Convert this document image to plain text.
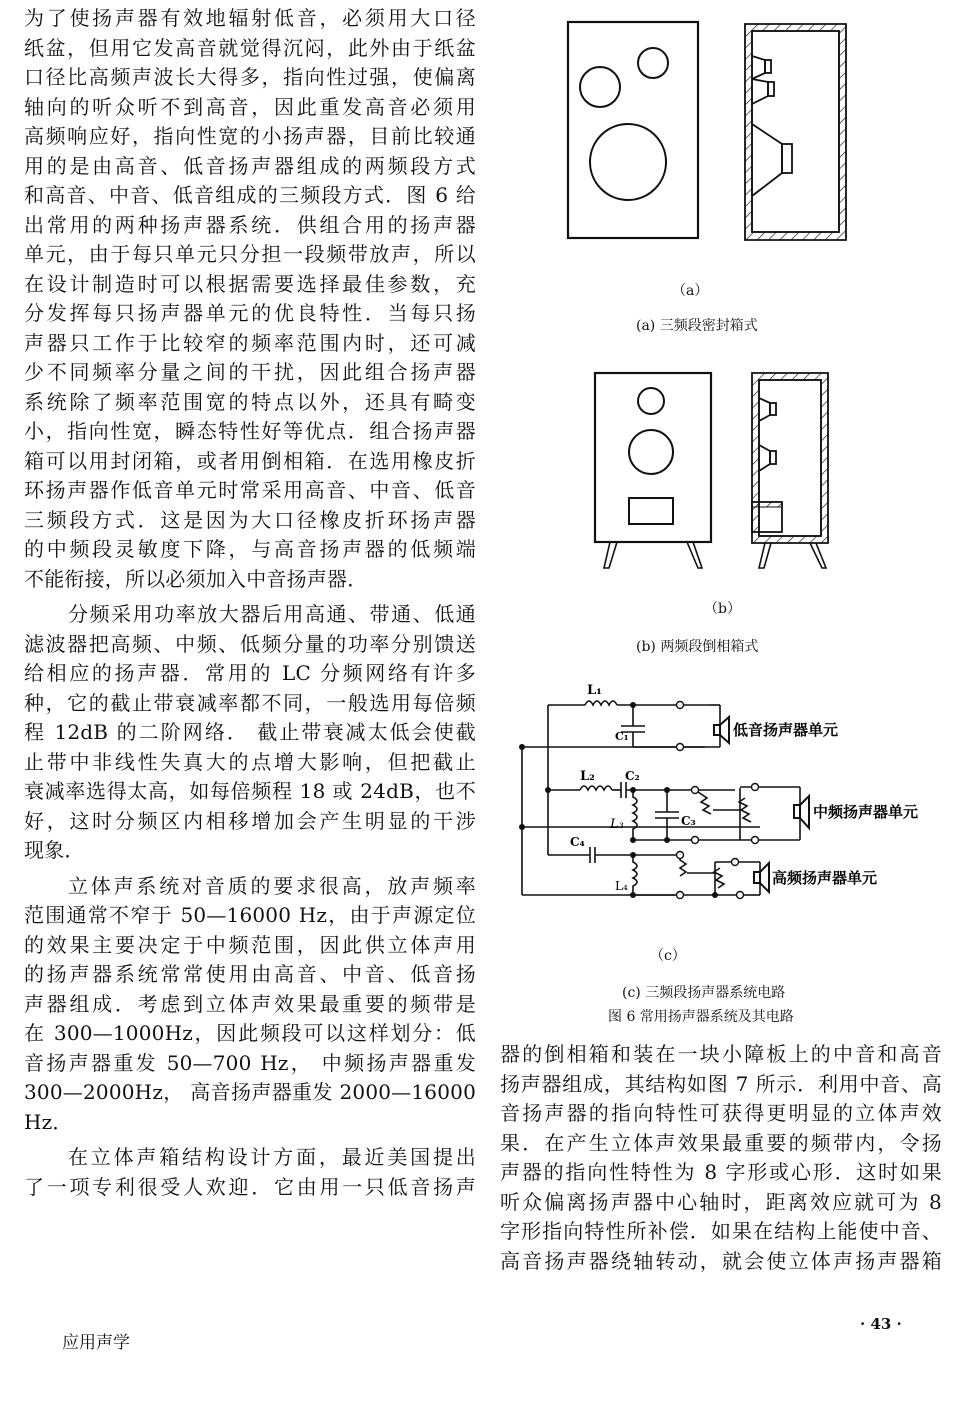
为了使扬声器有效地辐射低音，必须用大口径
纸盆，但用它发高音就觉得沉闷，此外由于纸盆
口径比高频声波长大得多，指向性过强，使偏离
轴向的听众听不到高音，因此重发高音必须用
高频响应好，指向性宽的小扬声器，目前比较通
用的是由高音、低音扬声器组成的两频段方式
和高音、中音、低音组成的三频段方式．图 6 给
出常用的两种扬声器系统．供组合用的扬声器
单元，由于每只单元只分担一段频带放声，所以
在设计制造时可以根据需要选择最佳参数，充
分发挥每只扬声器单元的优良特性．当每只扬
声器只工作于比较窄的频率范围内时，还可减
少不同频率分量之间的干扰，因此组合扬声器
系统除了频率范围宽的特点以外，还具有畸变
小，指向性宽，瞬态特性好等优点．组合扬声器
箱可以用封闭箱，或者用倒相箱．在选用橡皮折
环扬声器作低音单元时常采用高音、中音、低音
三频段方式．这是因为大口径橡皮折环扬声器
的中频段灵敏度下降，与高音扬声器的低频端
不能衔接，所以必须加入中音扬声器．
分频采用功率放大器后用高通、带通、低通
滤波器把高频、中频、低频分量的功率分别馈送
给相应的扬声器．常用的 LC 分频网络有许多
种，它的截止带衰减率都不同，一般选用每倍频
程 12dB 的二阶网络． 截止带衰减太低会使截
止带中非线性失真大的点增大影响，但把截止
衰减率选得太高，如每倍频程 18 或 24dB，也不
好，这时分频区内相移增加会产生明显的干涉
现象．
立体声系统对音质的要求很高，放声频率
范围通常不窄于 50—16000 Hz，由于声源定位
的效果主要决定于中频范围，因此供立体声用
的扬声器系统常常使用由高音、中音、低音扬
声器组成．考虑到立体声效果最重要的频带是
在 300—1000Hz，因此频段可以这样划分：低
音扬声器重发 50—700 Hz， 中频扬声器重发
300—2000Hz， 高音扬声器重发 2000—16000
Hz．
在立体声箱结构设计方面，最近美国提出
了一项专利很受人欢迎．它由用一只低音扬声
器的倒相箱和装在一块小障板上的中音和高音
扬声器组成，其结构如图 7 所示．利用中音、高
音扬声器的指向特性可获得更明显的立体声效
果．在产生立体声效果最重要的频带内，令扬
声器的指向性特性为 8 字形或心形．这时如果
听众偏离扬声器中心轴时，距离效应就可为 8
字形指向特性所补偿．如果在结构上能使中音、
高音扬声器绕轴转动，就会使立体声扬声器箱
（a）
(a) 三频段密封箱式
（b）
(b) 两频段倒相箱式
L₁
C₁
L₂	C₂
L₃	C₃
C₄
L₄
低音扬声器单元
中频扬声器单元
高频扬声器单元
（c）
(c) 三频段扬声器系统电路
图 6 常用扬声器系统及其电路
应用声学
· 43 ·
